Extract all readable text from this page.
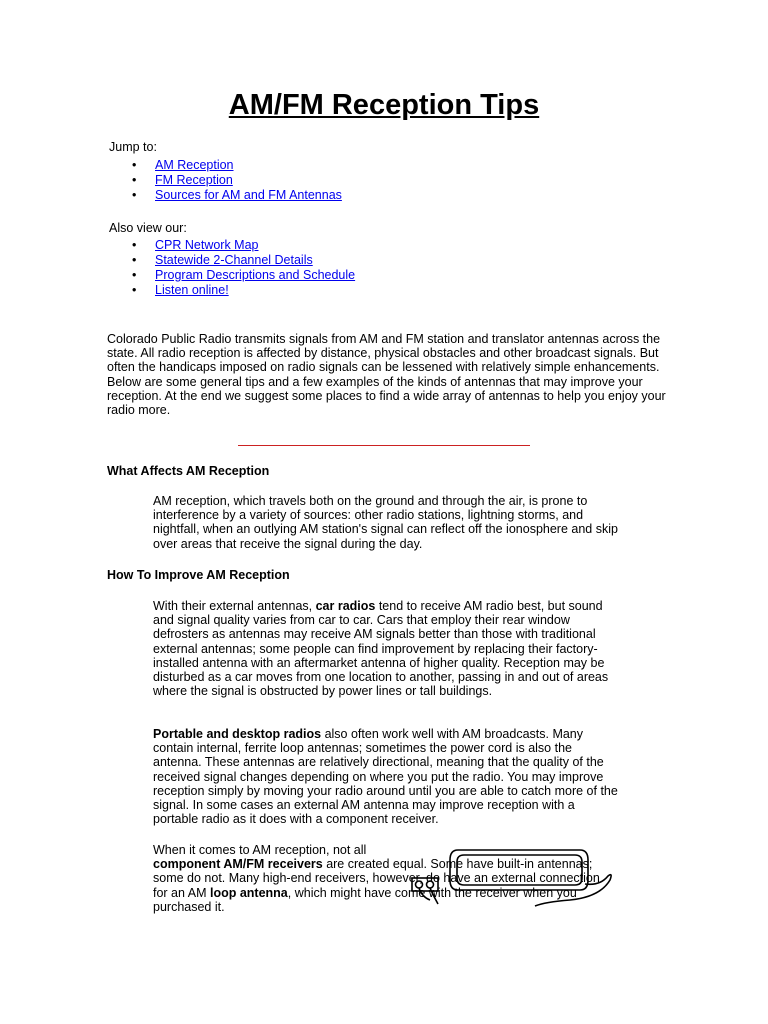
AM/FM Reception Tips
Jump to:
• AM Reception
• FM Reception
• Sources for AM and FM Antennas
Also view our:
• CPR Network Map
• Statewide 2-Channel Details
• Program Descriptions and Schedule
• Listen online!

Colorado Public Radio transmits signals from AM and FM station and translator antennas across the state. All radio reception is affected by distance, physical obstacles and other broadcast signals. But often the handicaps imposed on radio signals can be lessened with relatively simple enhancements. Below are some general tips and a few examples of the kinds of antennas that may improve your reception. At the end we suggest some places to find a wide array of antennas to help you enjoy your radio more.

What Affects AM Reception

AM reception, which travels both on the ground and through the air, is prone to interference by a variety of sources: other radio stations, lightning storms, and nightfall, when an outlying AM station's signal can reflect off the ionosphere and skip over areas that receive the signal during the day.

How To Improve AM Reception

With their external antennas, car radios tend to receive AM radio best, but sound and signal quality varies from car to car. Cars that employ their rear window defrosters as antennas may receive AM signals better than those with traditional external antennas; some people can find improvement by replacing their factory-installed antenna with an aftermarket antenna of higher quality. Reception may be disturbed as a car moves from one location to another, passing in and out of areas where the signal is obstructed by power lines or tall buildings.

Portable and desktop radios also often work well with AM broadcasts. Many contain internal, ferrite loop antennas; sometimes the power cord is also the antenna. These antennas are relatively directional, meaning that the quality of the received signal changes depending on where you put the radio. You may improve reception simply by moving your radio around until you are able to catch more of the signal. In some cases an external AM antenna may improve reception with a portable radio as it does with a component receiver.

When it comes to AM reception, not all
component AM/FM receivers are created equal. Some have built-in antennas; some do not. Many high-end receivers, however, do have an external connection for an AM loop antenna, which might have come with the receiver when you purchased it.
